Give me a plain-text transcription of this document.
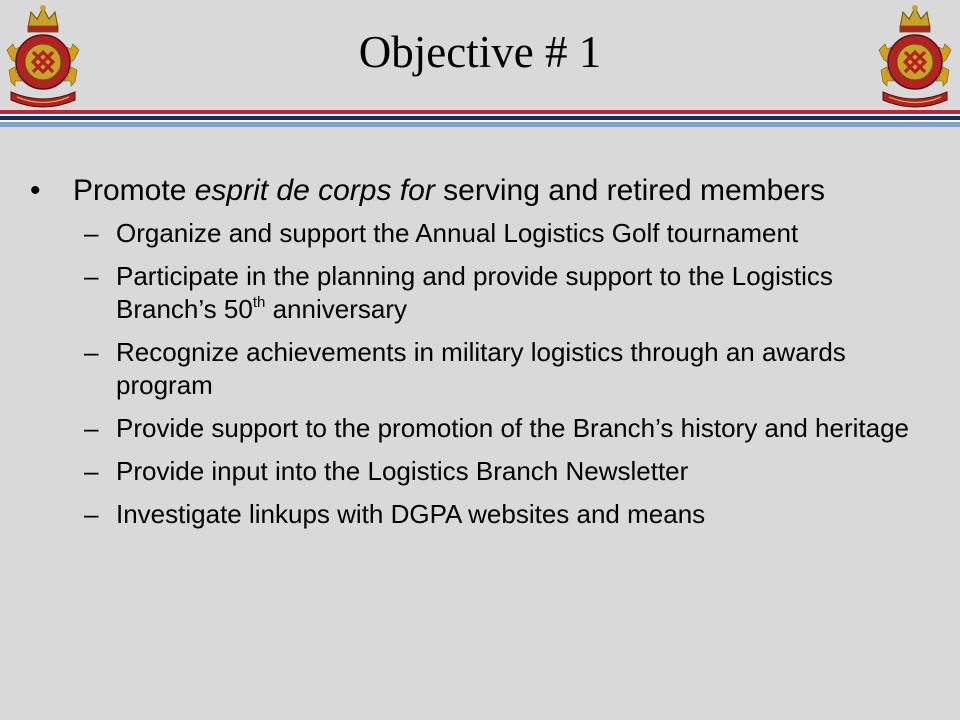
Objective # 1
• Promote esprit de corps for serving and retired members
– Organize and support the Annual Logistics Golf tournament
– Participate in the planning and provide support to the Logistics Branch’s 50th anniversary
– Recognize achievements in military logistics through an awards program
– Provide support to the promotion of the Branch’s history and heritage
– Provide input into the Logistics Branch Newsletter
– Investigate linkups with DGPA websites and means
